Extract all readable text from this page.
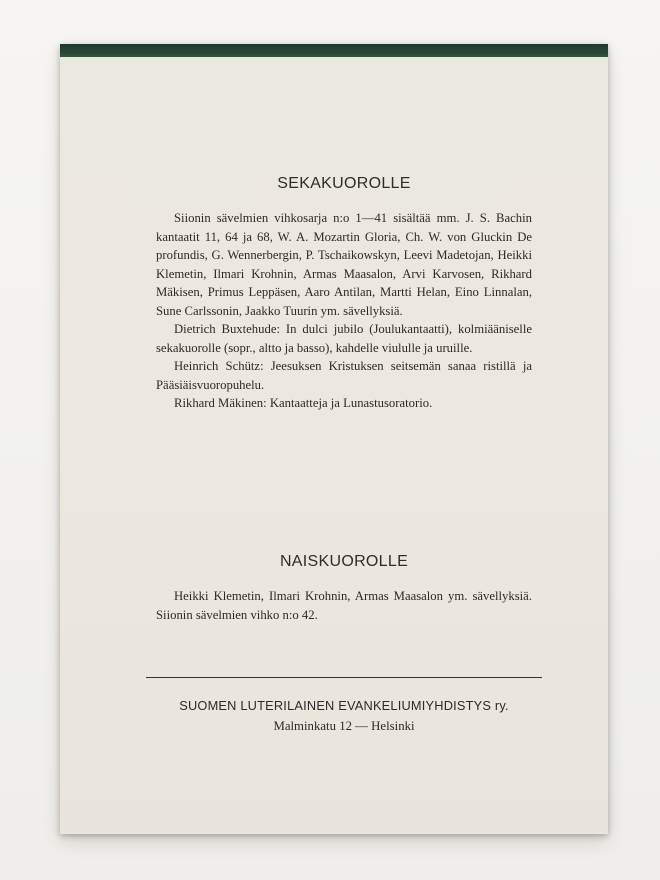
SEKAKUOROLLE

Siionin sävelmien vihkosarja n:o 1—41 sisältää mm. J. S. Bachin kantaatit 11, 64 ja 68, W. A. Mozartin Gloria, Ch. W. von Gluckin De profundis, G. Wennerbergin, P. Tschaikowskyn, Leevi Madetojan, Heikki Klemetin, Ilmari Krohnin, Armas Maasalon, Arvi Karvosen, Rikhard Mäkisen, Primus Leppäsen, Aaro Antilan, Martti Helan, Eino Linnalan, Sune Carlssonin, Jaakko Tuurin ym. sävellyksiä.

Dietrich Buxtehude: In dulci jubilo (Joulukantaatti), kolmiääniselle sekakuorolle (sopr., altto ja basso), kahdelle viululle ja uruille.

Heinrich Schütz: Jeesuksen Kristuksen seitsemän sanaa ristillä ja Pääsiäisvuoropuhelu.

Rikhard Mäkinen: Kantaatteja ja Lunastusoratorio.

NAISKUOROLLE

Heikki Klemetin, Ilmari Krohnin, Armas Maasalon ym. sävellyksiä. Siionin sävelmien vihko n:o 42.

SUOMEN LUTERILAINEN EVANKELIUMIYHDISTYS ry.
Malminkatu 12 — Helsinki
